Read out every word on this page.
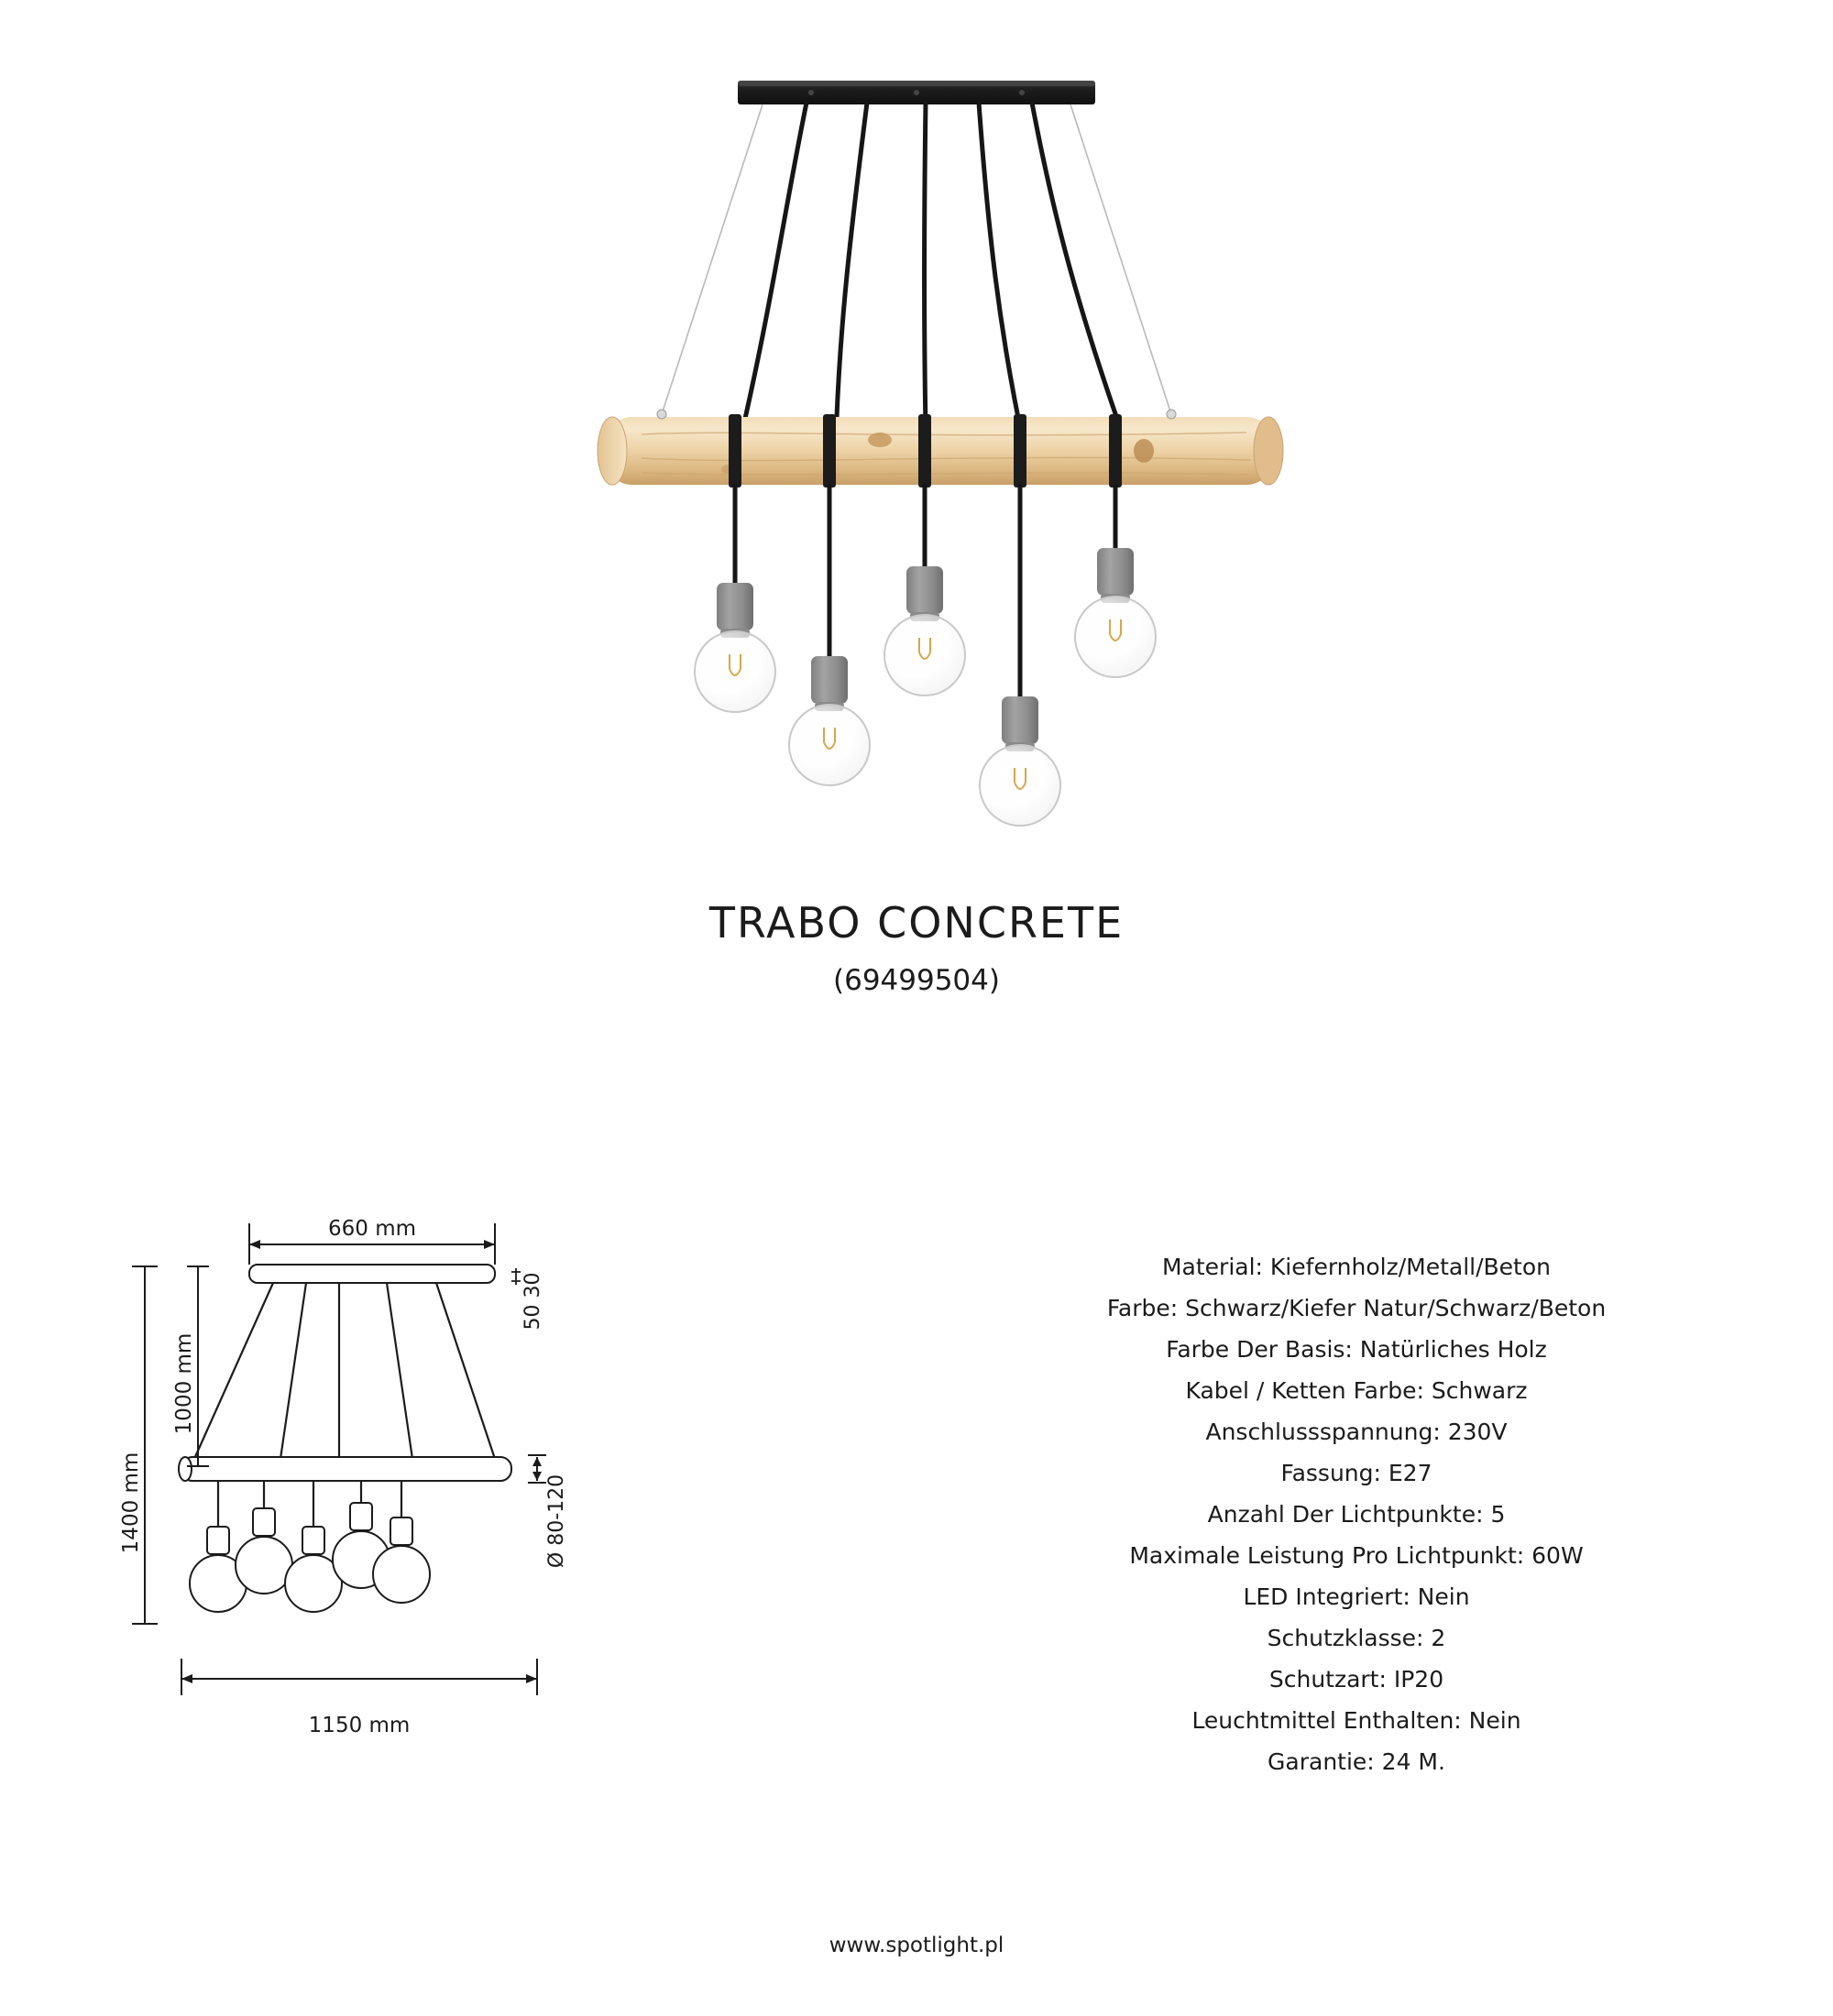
TRABO CONCRETE
(69499504)
660 mm
1400 mm
1000 mm
50 30
Ø 80-120
1150 mm
Material: Kiefernholz/Metall/Beton
Farbe: Schwarz/Kiefer Natur/Schwarz/Beton
Farbe Der Basis: Natürliches Holz
Kabel / Ketten Farbe: Schwarz
Anschlussspannung: 230V
Fassung: E27
Anzahl Der Lichtpunkte: 5
Maximale Leistung Pro Lichtpunkt: 60W
LED Integriert: Nein
Schutzklasse: 2
Schutzart: IP20
Leuchtmittel Enthalten: Nein
Garantie: 24 M.
www.spotlight.pl
